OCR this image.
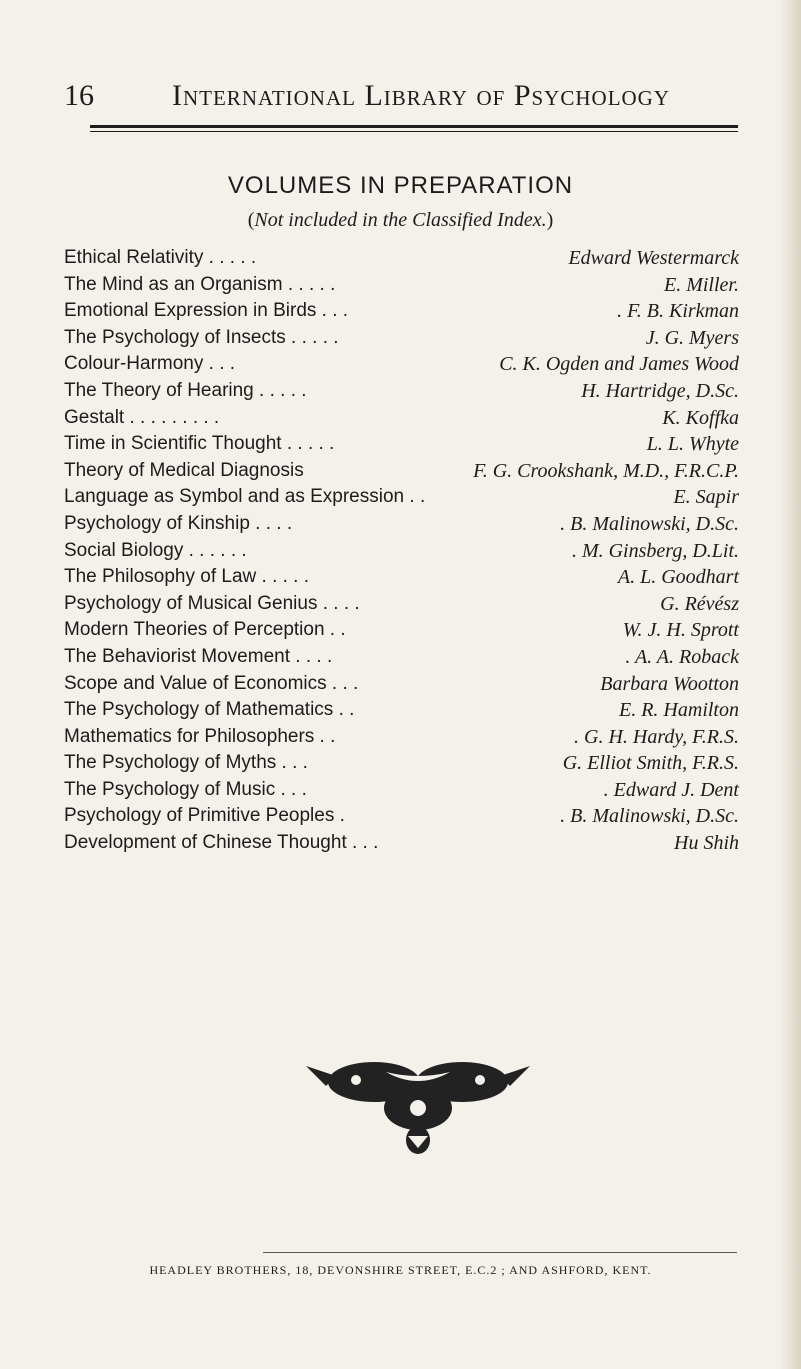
16	International Library of Psychology
VOLUMES IN PREPARATION
(Not included in the Classified Index.)
Ethical Relativity . . . . .	Edward Westermarck
The Mind as an Organism . . . . .	E. Miller.
Emotional Expression in Birds . . .	. F. B. Kirkman
The Psychology of Insects . . . . .	J. G. Myers
Colour-Harmony . . .	C. K. Ogden and James Wood
The Theory of Hearing . . . . .	H. Hartridge, D.Sc.
Gestalt . . . . . . . . .	K. Koffka
Time in Scientific Thought . . . . .	L. L. Whyte
Theory of Medical Diagnosis	F. G. Crookshank, M.D., F.R.C.P.
Language as Symbol and as Expression . .	E. Sapir
Psychology of Kinship . . . .	. B. Malinowski, D.Sc.
Social Biology . . . . . .	. M. Ginsberg, D.Lit.
The Philosophy of Law . . . . .	A. L. Goodhart
Psychology of Musical Genius . . . .	G. Révész
Modern Theories of Perception . .	W. J. H. Sprott
The Behaviorist Movement . . . .	. A. A. Roback
Scope and Value of Economics . . .	Barbara Wootton
The Psychology of Mathematics . .	E. R. Hamilton
Mathematics for Philosophers . .	. G. H. Hardy, F.R.S.
The Psychology of Myths . . .	G. Elliot Smith, F.R.S.
The Psychology of Music . . .	. Edward J. Dent
Psychology of Primitive Peoples .	. B. Malinowski, D.Sc.
Development of Chinese Thought . . .	Hu Shih
HEADLEY BROTHERS, 18, DEVONSHIRE STREET, E.C.2 ; AND ASHFORD, KENT.
